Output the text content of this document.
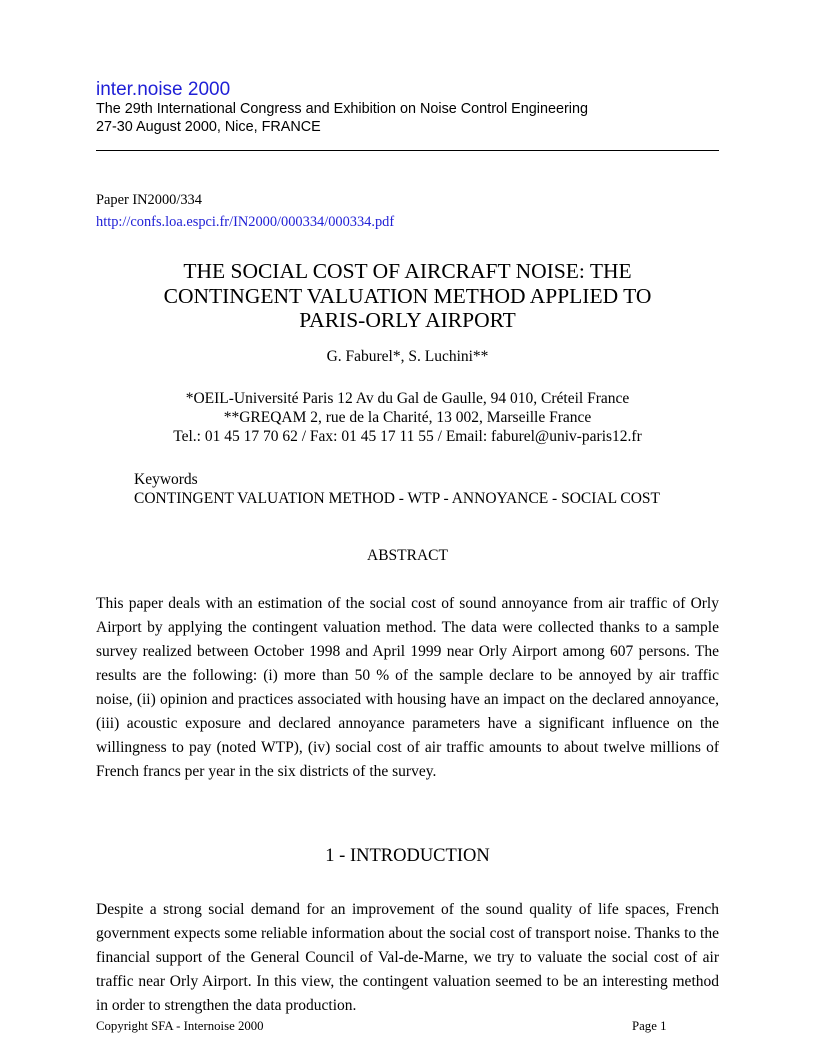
inter.noise 2000
The 29th International Congress and Exhibition on Noise Control Engineering
27-30 August 2000, Nice, FRANCE
Paper IN2000/334
http://confs.loa.espci.fr/IN2000/000334/000334.pdf
THE SOCIAL COST OF AIRCRAFT NOISE: THE
CONTINGENT VALUATION METHOD APPLIED TO
PARIS-ORLY AIRPORT
G. Faburel*, S. Luchini**
*OEIL-Université Paris 12 Av du Gal de Gaulle, 94 010, Créteil France
**GREQAM 2, rue de la Charité, 13 002, Marseille France
Tel.: 01 45 17 70 62 / Fax: 01 45 17 11 55 / Email: faburel@univ-paris12.fr
Keywords
CONTINGENT VALUATION METHOD - WTP - ANNOYANCE - SOCIAL COST
ABSTRACT
This paper deals with an estimation of the social cost of sound annoyance from air traffic of Orly Airport by applying the contingent valuation method. The data were collected thanks to a sample survey realized between October 1998 and April 1999 near Orly Airport among 607 persons. The results are the following: (i) more than 50 % of the sample declare to be annoyed by air traffic noise, (ii) opinion and practices associated with housing have an impact on the declared annoyance, (iii) acoustic exposure and declared annoyance parameters have a significant influence on the willingness to pay (noted WTP), (iv) social cost of air traffic amounts to about twelve millions of French francs per year in the six districts of the survey.
1 - INTRODUCTION
Despite a strong social demand for an improvement of the sound quality of life spaces, French government expects some reliable information about the social cost of transport noise. Thanks to the financial support of the General Council of Val-de-Marne, we try to valuate the social cost of air traffic near Orly Airport. In this view, the contingent valuation seemed to be an interesting method in order to strengthen the data production.
Copyright SFA - Internoise 2000	Page 1
